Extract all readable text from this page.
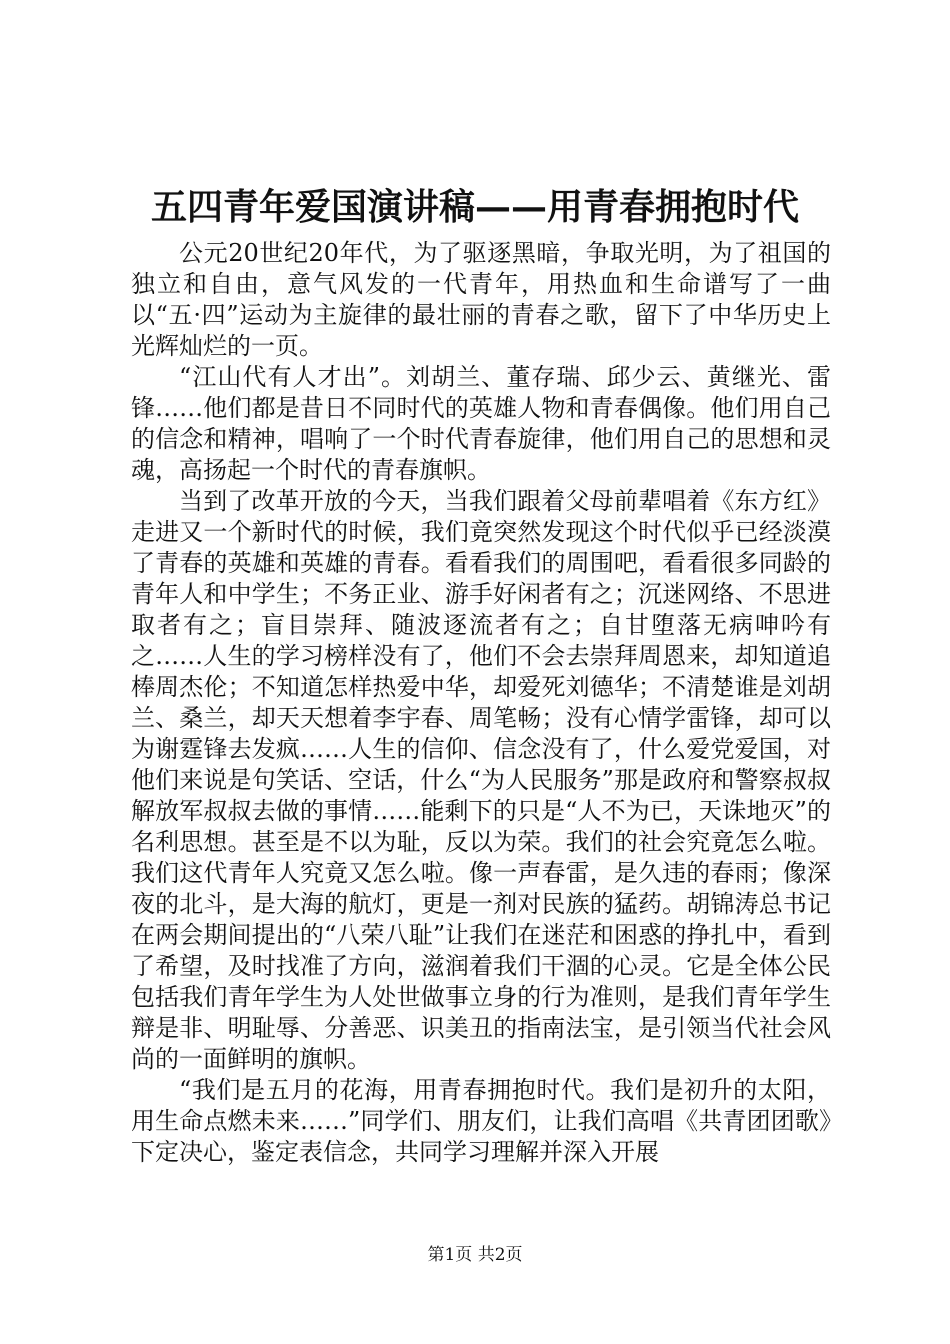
五四青年爱国演讲稿——用青春拥抱时代

公元20世纪20年代，为了驱逐黑暗，争取光明，为了祖国的独立和自由，意气风发的一代青年，用热血和生命谱写了一曲以“五·四”运动为主旋律的最壮丽的青春之歌，留下了中华历史上光辉灿烂的一页。

“江山代有人才出”。刘胡兰、董存瑞、邱少云、黄继光、雷锋……他们都是昔日不同时代的英雄人物和青春偶像。他们用自己的信念和精神，唱响了一个时代青春旋律，他们用自己的思想和灵魂，高扬起一个时代的青春旗帜。

当到了改革开放的今天，当我们跟着父母前辈唱着《东方红》走进又一个新时代的时候，我们竟突然发现这个时代似乎已经淡漠了青春的英雄和英雄的青春。看看我们的周围吧，看看很多同龄的青年人和中学生；不务正业、游手好闲者有之；沉迷网络、不思进取者有之；盲目崇拜、随波逐流者有之；自甘堕落无病呻吟有之……人生的学习榜样没有了，他们不会去崇拜周恩来，却知道追棒周杰伦；不知道怎样热爱中华，却爱死刘德华；不清楚谁是刘胡兰、桑兰，却天天想着李宇春、周笔畅；没有心情学雷锋，却可以为谢霆锋去发疯……人生的信仰、信念没有了，什么爱党爱国，对他们来说是句笑话、空话，什么“为人民服务”那是政府和警察叔叔解放军叔叔去做的事情……能剩下的只是“人不为已，天诛地灭”的名利思想。甚至是不以为耻，反以为荣。我们的社会究竟怎么啦。我们这代青年人究竟又怎么啦。像一声春雷，是久违的春雨；像深夜的北斗，是大海的航灯，更是一剂对民族的猛药。胡锦涛总书记在两会期间提出的“八荣八耻”让我们在迷茫和困惑的挣扎中，看到了希望，及时找准了方向，滋润着我们干涸的心灵。它是全体公民包括我们青年学生为人处世做事立身的行为准则，是我们青年学生辩是非、明耻辱、分善恶、识美丑的指南法宝，是引领当代社会风尚的一面鲜明的旗帜。

“我们是五月的花海，用青春拥抱时代。我们是初升的太阳，用生命点燃未来……”同学们、朋友们，让我们高唱《共青团团歌》下定决心，鉴定表信念，共同学习理解并深入开展

第1页 共2页
